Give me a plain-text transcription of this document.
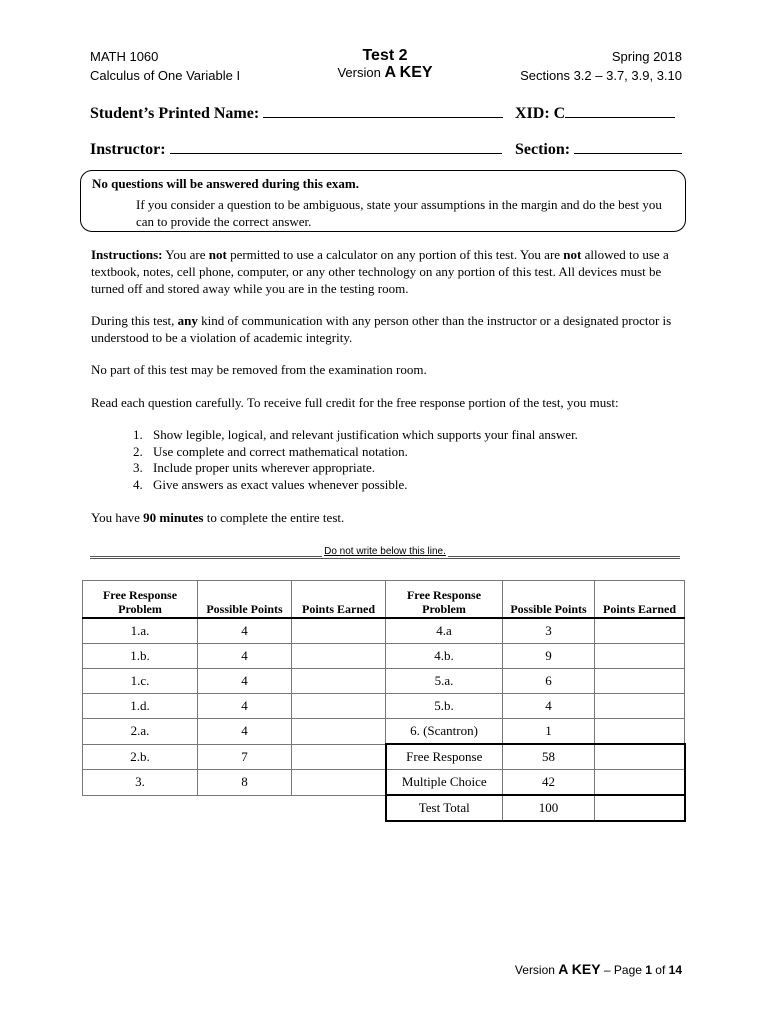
MATH 1060
Calculus of One Variable I
Test 2
Version A KEY
Spring 2018
Sections 3.2 – 3.7, 3.9, 3.10
Student’s Printed Name:	XID: C
Instructor:	Section:
No questions will be answered during this exam.
If you consider a question to be ambiguous, state your assumptions in the margin and do the best you can to provide the correct answer.
Instructions: You are not permitted to use a calculator on any portion of this test. You are not allowed to use a textbook, notes, cell phone, computer, or any other technology on any portion of this test. All devices must be turned off and stored away while you are in the testing room.
During this test, any kind of communication with any person other than the instructor or a designated proctor is understood to be a violation of academic integrity.
No part of this test may be removed from the examination room.
Read each question carefully. To receive full credit for the free response portion of the test, you must:
1. Show legible, logical, and relevant justification which supports your final answer.
2. Use complete and correct mathematical notation.
3. Include proper units wherever appropriate.
4. Give answers as exact values whenever possible.
You have 90 minutes to complete the entire test.
Do not write below this line.
Free Response Problem	Possible Points	Points Earned	Free Response Problem	Possible Points	Points Earned
1.a.	4		4.a	3	
1.b.	4		4.b.	9	
1.c.	4		5.a.	6	
1.d.	4		5.b.	4	
2.a.	4		6. (Scantron)	1	
2.b.	7		Free Response	58	
3.	8		Multiple Choice	42	
			Test Total	100	
Version A KEY – Page 1 of 14
